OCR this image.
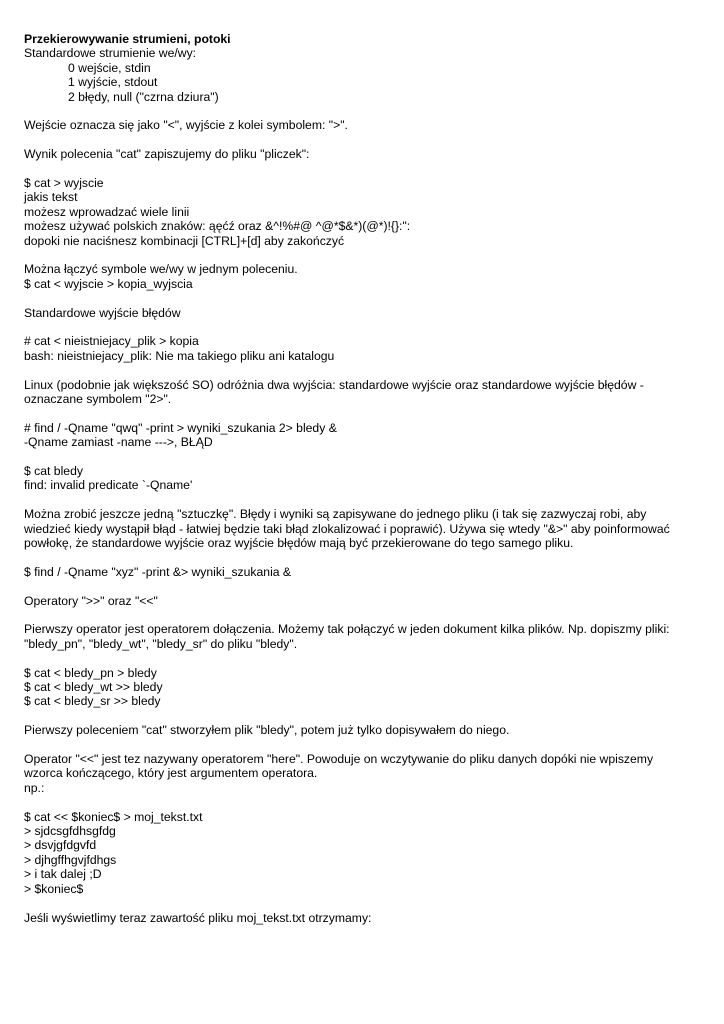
Przekierowywanie strumieni, potoki
Standardowe strumienie we/wy:
0 wejście, stdin
1 wyjście, stdout
2 błędy, null ("czrna dziura")
Wejście oznacza się jako "<", wyjście z kolei symbolem: ">".
Wynik polecenia "cat" zapiszujemy do pliku "pliczek":
$ cat > wyjscie
jakis tekst
możesz wprowadzać wiele linii
możesz używać polskich znaków: ąęćź oraz &^!%#@ ^@*$&*)(@*)!{}:":
dopoki nie naciśnesz kombinacji [CTRL]+[d] aby zakończyć
Można łączyć symbole we/wy w jednym poleceniu.
$ cat < wyjscie > kopia_wyjscia
Standardowe wyjście błędów
# cat < nieistniejacy_plik > kopia
bash: nieistniejacy_plik: Nie ma takiego pliku ani katalogu
Linux (podobnie jak większość SO) odróżnia dwa wyjścia: standardowe wyjście oraz standardowe wyjście błędów -
oznaczane symbolem "2>".
# find / -Qname "qwq" -print > wyniki_szukania 2> bledy &
-Qname zamiast -name --->, BŁĄD
$ cat bledy
find: invalid predicate `-Qname'
Można zrobić jeszcze jedną "sztuczkę". Błędy i wyniki są zapisywane do jednego pliku (i tak się zazwyczaj robi, aby
wiedzieć kiedy wystąpił błąd - łatwiej będzie taki błąd zlokalizować i poprawić). Używa się wtedy "&>" aby poinformować
powłokę, że standardowe wyjście oraz wyjście błędów mają być przekierowane do tego samego pliku.
$ find / -Qname "xyz" -print &> wyniki_szukania &
Operatory ">>" oraz "<<"
Pierwszy operator jest operatorem dołączenia. Możemy tak połączyć w jeden dokument kilka plików. Np. dopiszmy pliki:
"bledy_pn", "bledy_wt", "bledy_sr" do pliku "bledy".
$ cat < bledy_pn > bledy
$ cat < bledy_wt >> bledy
$ cat < bledy_sr >> bledy
Pierwszy poleceniem "cat" stworzyłem plik "bledy", potem już tylko dopisywałem do niego.
Operator "<<" jest tez nazywany operatorem "here". Powoduje on wczytywanie do pliku danych dopóki nie wpiszemy
wzorca kończącego, który jest argumentem operatora.
np.:
$ cat << $koniec$ > moj_tekst.txt
> sjdcsgfdhsgfdg
> dsvjgfdgvfd
> djhgffhgvjfdhgs
> i tak dalej ;D
> $koniec$
Jeśli wyświetlimy teraz zawartość pliku moj_tekst.txt otrzymamy:
